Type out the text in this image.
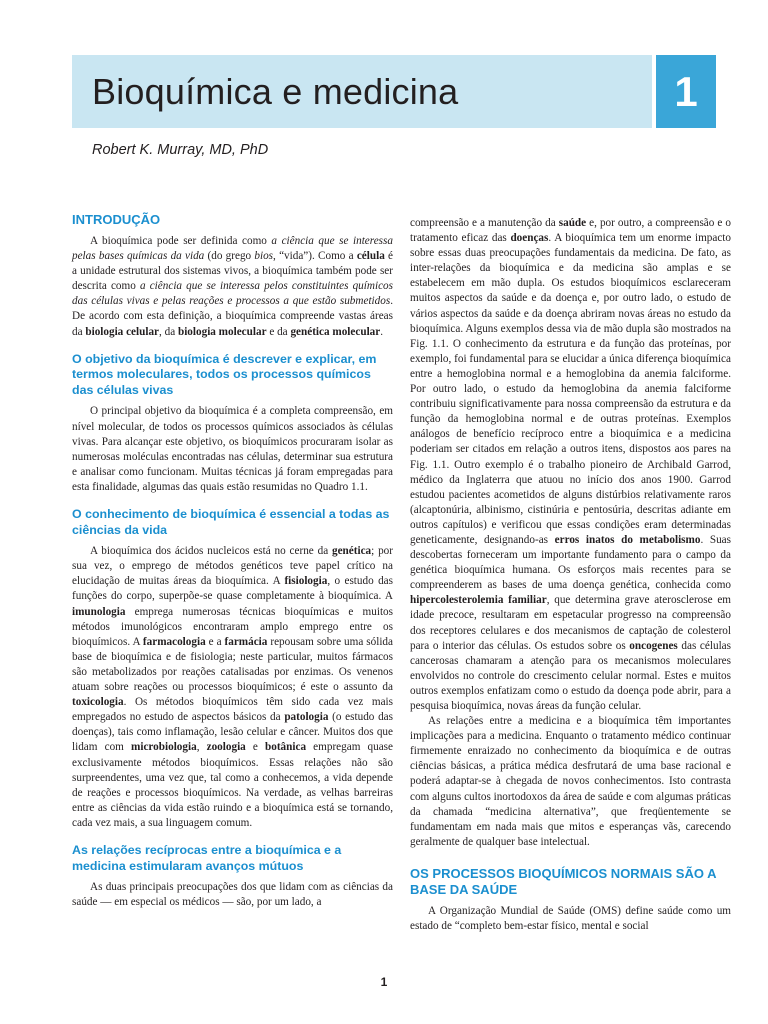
Bioquímica e medicina	1

Robert K. Murray, MD, PhD

INTRODUÇÃO

A bioquímica pode ser definida como a ciência que se interessa pelas bases químicas da vida (do grego bios, “vida”). Como a célula é a unidade estrutural dos sistemas vivos, a bioquímica também pode ser descrita como a ciência que se interessa pelos constituintes químicos das células vivas e pelas reações e processos a que estão submetidos. De acordo com esta definição, a bioquímica compreende vastas áreas da biologia celular, da biologia molecular e da genética molecular.

O objetivo da bioquímica é descrever e explicar, em termos moleculares, todos os processos químicos das células vivas

O principal objetivo da bioquímica é a completa compreensão, em nível molecular, de todos os processos químicos associados às células vivas. Para alcançar este objetivo, os bioquímicos procuraram isolar as numerosas moléculas encontradas nas células, determinar sua estrutura e analisar como funcionam. Muitas técnicas já foram empregadas para esta finalidade, algumas das quais estão resumidas no Quadro 1.1.

O conhecimento de bioquímica é essencial a todas as ciências da vida

A bioquímica dos ácidos nucleicos está no cerne da genética; por sua vez, o emprego de métodos genéticos teve papel crítico na elucidação de muitas áreas da bioquímica. A fisiologia, o estudo das funções do corpo, superpõe-se quase completamente à bioquímica. A imunologia emprega numerosas técnicas bioquímicas e muitos métodos imunológicos encontraram amplo emprego entre os bioquímicos. A farmacologia e a farmácia repousam sobre uma sólida base de bioquímica e de fisiologia; neste particular, muitos fármacos são metabolizados por reações catalisadas por enzimas. Os venenos atuam sobre reações ou processos bioquímicos; é este o assunto da toxicologia. Os métodos bioquímicos têm sido cada vez mais empregados no estudo de aspectos básicos da patologia (o estudo das doenças), tais como inflamação, lesão celular e câncer. Muitos dos que lidam com microbiologia, zoologia e botânica empregam quase exclusivamente métodos bioquímicos. Essas relações não são surpreendentes, uma vez que, tal como a conhecemos, a vida depende de reações e processos bioquímicos. Na verdade, as velhas barreiras entre as ciências da vida estão ruindo e a bioquímica está se tornando, cada vez mais, a sua linguagem comum.

As relações recíprocas entre a bioquímica e a medicina estimularam avanços mútuos

As duas principais preocupações dos que lidam com as ciências da saúde — em especial os médicos — são, por um lado, a

compreensão e a manutenção da saúde e, por outro, a compreensão e o tratamento eficaz das doenças. A bioquímica tem um enorme impacto sobre essas duas preocupações fundamentais da medicina. De fato, as inter-relações da bioquímica e da medicina são amplas e se estabelecem em mão dupla. Os estudos bioquímicos esclareceram muitos aspectos da saúde e da doença e, por outro lado, o estudo de vários aspectos da saúde e da doença abriram novas áreas no estudo da bioquímica. Alguns exemplos dessa via de mão dupla são mostrados na Fig. 1.1. O conhecimento da estrutura e da função das proteínas, por exemplo, foi fundamental para se elucidar a única diferença bioquímica entre a hemoglobina normal e a hemoglobina da anemia falciforme. Por outro lado, o estudo da hemoglobina da anemia falciforme contribuiu significativamente para nossa compreensão da estrutura e da função da hemoglobina normal e de outras proteínas. Exemplos análogos de benefício recíproco entre a bioquímica e a medicina poderiam ser citados em relação a outros itens, dispostos aos pares na Fig. 1.1. Outro exemplo é o trabalho pioneiro de Archibald Garrod, médico da Inglaterra que atuou no início dos anos 1900. Garrod estudou pacientes acometidos de alguns distúrbios relativamente raros (alcaptonúria, albinismo, cistinúria e pentosúria, descritas adiante em outros capítulos) e verificou que essas condições eram determinadas geneticamente, designando-as erros inatos do metabolismo. Suas descobertas forneceram um importante fundamento para o campo da genética bioquímica humana. Os esforços mais recentes para se compreenderem as bases de uma doença genética, conhecida como hipercolesterolemia familiar, que determina grave aterosclerose em idade precoce, resultaram em espetacular progresso na compreensão dos receptores celulares e dos mecanismos de captação de colesterol para o interior das células. Os estudos sobre os oncogenes das células cancerosas chamaram a atenção para os mecanismos moleculares envolvidos no controle do crescimento celular normal. Estes e muitos outros exemplos enfatizam como o estudo da doença pode abrir, para a pesquisa bioquímica, novas áreas da função celular.

As relações entre a medicina e a bioquímica têm importantes implicações para a medicina. Enquanto o tratamento médico continuar firmemente enraizado no conhecimento da bioquímica e de outras ciências básicas, a prática médica desfrutará de uma base racional e poderá adaptar-se à chegada de novos conhecimentos. Isto contrasta com alguns cultos inortodoxos da área de saúde e com algumas práticas da chamada “medicina alternativa”, que freqüentemente se fundamentam em nada mais que mitos e esperanças vãs, carecendo geralmente de qualquer base intelectual.

OS PROCESSOS BIOQUÍMICOS NORMAIS SÃO A BASE DA SAÚDE

A Organização Mundial de Saúde (OMS) define saúde como um estado de “completo bem-estar físico, mental e social

1
